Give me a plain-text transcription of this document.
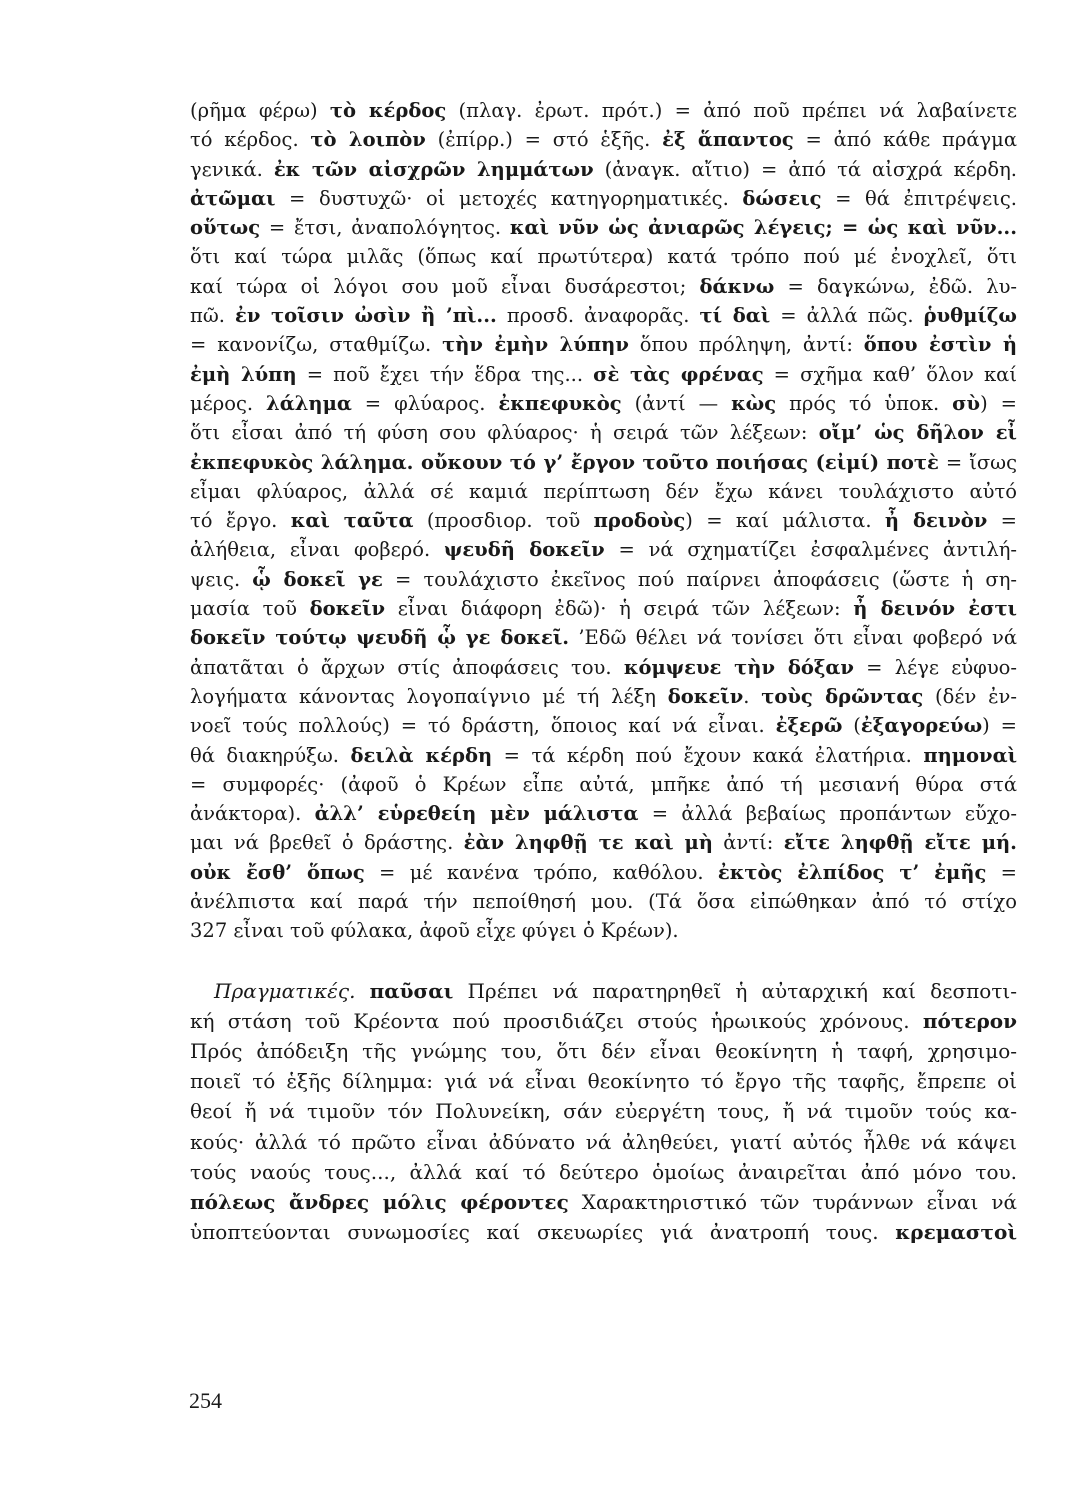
(ρῆμα φέρω) τὸ κέρδος (πλαγ. ἐρωτ. πρότ.) = ἀπό ποῦ πρέπει νά λαβαίνετε
τό κέρδος. τὸ λοιπὸν (ἐπίρρ.) = στό ἑξῆς. ἐξ ἅπαντος = ἀπό κάθε πράγμα
γενικά. ἐκ τῶν αἰσχρῶν λημμάτων (ἀναγκ. αἴτιο) = ἀπό τά αἰσχρά κέρδη.
ἀτῶμαι = δυστυχῶ· οἱ μετοχές κατηγορηματικές. δώσεις = θά ἐπιτρέψεις.
οὕτως = ἔτσι, ἀναπολόγητος. καὶ νῦν ὡς ἀνιαρῶς λέγεις; = ὡς καὶ νῦν...
ὅτι καί τώρα μιλᾶς (ὅπως καί πρωτύτερα) κατά τρόπο πού μέ ἐνοχλεῖ, ὅτι
καί τώρα οἱ λόγοι σου μοῦ εἶναι δυσάρεστοι; δάκνω = δαγκώνω, ἐδῶ. λυ-
πῶ. ἐν τοῖσιν ὠσὶν ἢ ’πὶ... προσδ. ἀναφορᾶς. τί δαὶ = ἀλλά πῶς. ῥυθμίζω
= κανονίζω, σταθμίζω. τὴν ἐμὴν λύπην ὅπου πρόληψη, ἀντί: ὅπου ἐστὶν ἡ
ἐμὴ λύπη = ποῦ ἔχει τήν ἕδρα της... σὲ τὰς φρένας = σχῆμα καθ’ ὅλον καί
μέρος. λάλημα = φλύαρος. ἐκπεφυκὸς (ἀντί — κὼς πρός τό ὑποκ. σὺ) =
ὅτι εἶσαι ἀπό τή φύση σου φλύαρος· ἡ σειρά τῶν λέξεων: οἴμ’ ὡς δῆλον εἶ
ἐκπεφυκὸς λάλημα. οὔκουν τό γ’ ἔργον τοῦτο ποιήσας (εἰμί) ποτὲ = ἴσως
εἶμαι φλύαρος, ἀλλά σέ καμιά περίπτωση δέν ἔχω κάνει τουλάχιστο αὐτό
τό ἔργο. καὶ ταῦτα (προσδιορ. τοῦ προδοὺς) = καί μάλιστα. ἦ δεινὸν =
ἀλήθεια, εἶναι φοβερό. ψευδῆ δοκεῖν = νά σχηματίζει ἐσφαλμένες ἀντιλή-
ψεις. ᾧ δοκεῖ γε = τουλάχιστο ἐκεῖνος πού παίρνει ἀποφάσεις (ὥστε ἡ ση-
μασία τοῦ δοκεῖν εἶναι διάφορη ἐδῶ)· ἡ σειρά τῶν λέξεων: ἦ δεινόν ἐστι
δοκεῖν τούτῳ ψευδῆ ᾧ γε δοκεῖ. ’Εδῶ θέλει νά τονίσει ὅτι εἶναι φοβερό νά
ἀπατᾶται ὁ ἄρχων στίς ἀποφάσεις του. κόμψευε τὴν δόξαν = λέγε εὐφυο-
λογήματα κάνοντας λογοπαίγνιο μέ τή λέξη δοκεῖν. τοὺς δρῶντας (δέν ἐν-
νοεῖ τούς πολλούς) = τό δράστη, ὅποιος καί νά εἶναι. ἐξερῶ (ἐξαγορεύω) =
θά διακηρύξω. δειλὰ κέρδη = τά κέρδη πού ἔχουν κακά ἐλατήρια. πημοναὶ
= συμφορές· (ἀφοῦ ὁ Κρέων εἶπε αὐτά, μπῆκε ἀπό τή μεσιανή θύρα στά
ἀνάκτορα). ἀλλ’ εὑρεθείη μὲν μάλιστα = ἀλλά βεβαίως προπάντων εὔχο-
μαι νά βρεθεῖ ὁ δράστης. ἐὰν ληφθῇ τε καὶ μὴ ἀντί: εἴτε ληφθῇ εἴτε μή.
οὐκ ἔσθ’ ὅπως = μέ κανένα τρόπο, καθόλου. ἐκτὸς ἐλπίδος τ’ ἐμῆς =
ἀνέλπιστα καί παρά τήν πεποίθησή μου. (Τά ὅσα εἰπώθηκαν ἀπό τό στίχο
327 εἶναι τοῦ φύλακα, ἀφοῦ εἶχε φύγει ὁ Κρέων).
Πραγματικές. παῦσαι Πρέπει νά παρατηρηθεῖ ἡ αὐταρχική καί δεσποτι-
κή στάση τοῦ Κρέοντα πού προσιδιάζει στούς ἡρωικούς χρόνους. πότερον
Πρός ἀπόδειξη τῆς γνώμης του, ὅτι δέν εἶναι θεοκίνητη ἡ ταφή, χρησιμο-
ποιεῖ τό ἑξῆς δίλημμα: γιά νά εἶναι θεοκίνητο τό ἔργο τῆς ταφῆς, ἔπρεπε οἱ
θεοί ἤ νά τιμοῦν τόν Πολυνείκη, σάν εὐεργέτη τους, ἤ νά τιμοῦν τούς κα-
κούς· ἀλλά τό πρῶτο εἶναι ἀδύνατο νά ἀληθεύει, γιατί αὐτός ἦλθε νά κάψει
τούς ναούς τους..., ἀλλά καί τό δεύτερο ὁμοίως ἀναιρεῖται ἀπό μόνο του.
πόλεως ἄνδρες μόλις φέροντες Χαρακτηριστικό τῶν τυράννων εἶναι νά
ὑποπτεύονται συνωμοσίες καί σκευωρίες γιά ἀνατροπή τους. κρεμαστοὶ
254
